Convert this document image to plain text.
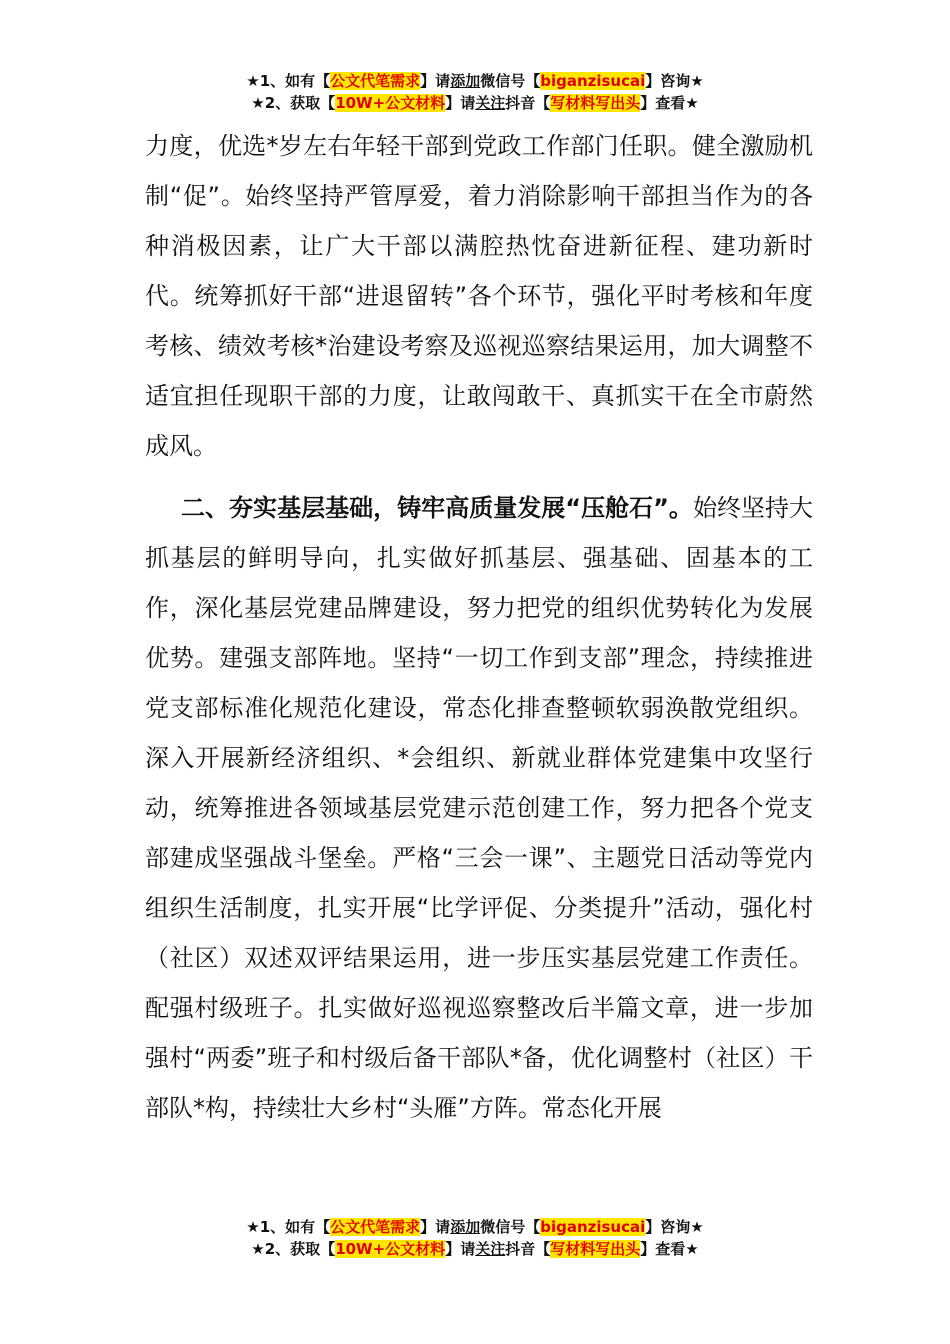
★1、如有【公文代笔需求】请添加微信号【biganzisucai】咨询★
★2、获取【10W+公文材料】请关注抖音【写材料写出头】查看★

力度，优选*岁左右年轻干部到党政工作部门任职。健全激励机制“促”。始终坚持严管厚爱，着力消除影响干部担当作为的各种消极因素，让广大干部以满腔热忱奋进新征程、建功新时代。统筹抓好干部“进退留转”各个环节，强化平时考核和年度考核、绩效考核*治建设考察及巡视巡察结果运用，加大调整不适宜担任现职干部的力度，让敢闯敢干、真抓实干在全市蔚然成风。

二、夯实基层基础，铸牢高质量发展“压舱石”。始终坚持大抓基层的鲜明导向，扎实做好抓基层、强基础、固基本的工作，深化基层党建品牌建设，努力把党的组织优势转化为发展优势。建强支部阵地。坚持“一切工作到支部”理念，持续推进党支部标准化规范化建设，常态化排查整顿软弱涣散党组织。深入开展新经济组织、*会组织、新就业群体党建集中攻坚行动，统筹推进各领域基层党建示范创建工作，努力把各个党支部建成坚强战斗堡垒。严格“三会一课”、主题党日活动等党内组织生活制度，扎实开展“比学评促、分类提升”活动，强化村（社区）双述双评结果运用，进一步压实基层党建工作责任。配强村级班子。扎实做好巡视巡察整改后半篇文章，进一步加强村“两委”班子和村级后备干部队*备，优化调整村（社区）干部队*构，持续壮大乡村“头雁”方阵。常态化开展

★1、如有【公文代笔需求】请添加微信号【biganzisucai】咨询★
★2、获取【10W+公文材料】请关注抖音【写材料写出头】查看★
